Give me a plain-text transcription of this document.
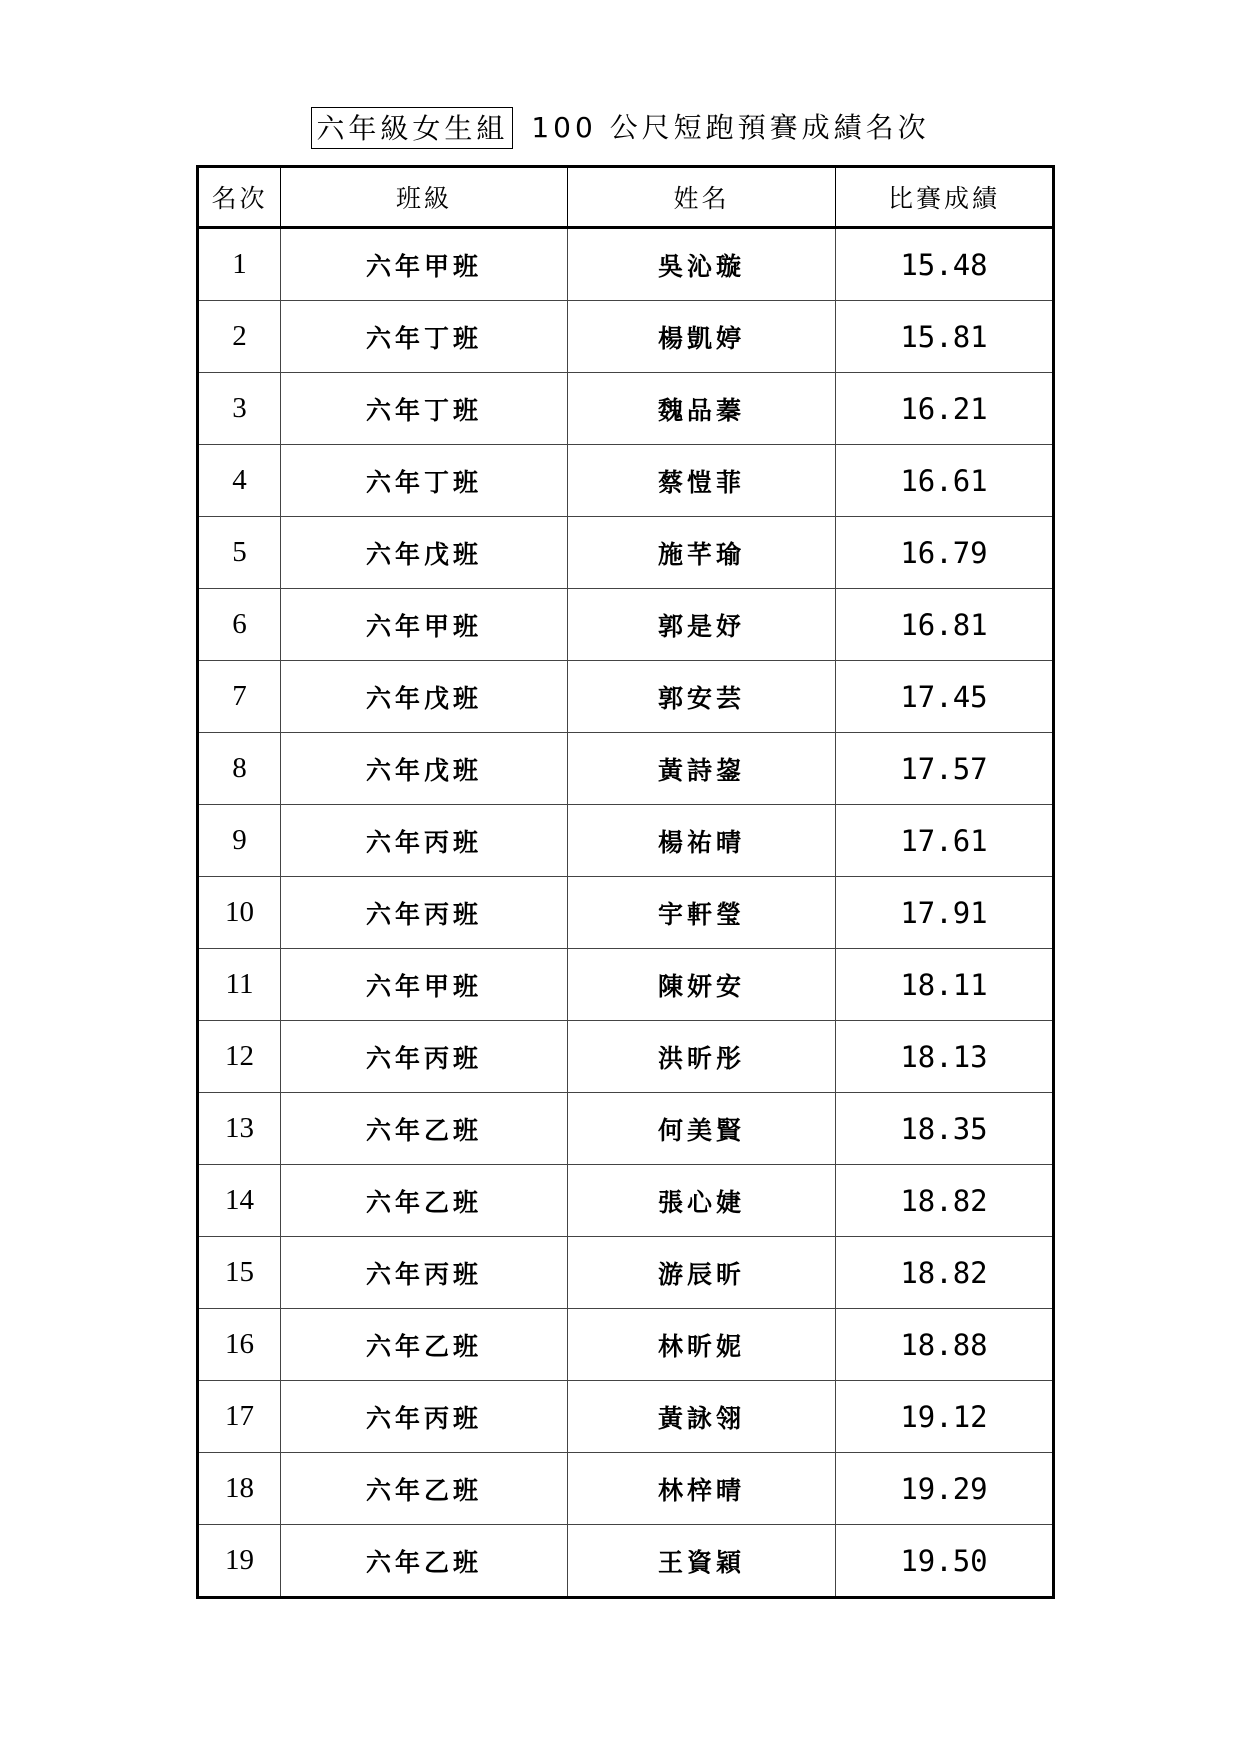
六年級女生組 100 公尺短跑預賽成績名次
名次	班級	姓名	比賽成績
1	六年甲班	吳沁璇	15.48
2	六年丁班	楊凱婷	15.81
3	六年丁班	魏品蓁	16.21
4	六年丁班	蔡愷菲	16.61
5	六年戊班	施芊瑜	16.79
6	六年甲班	郭是妤	16.81
7	六年戊班	郭安芸	17.45
8	六年戊班	黃詩鋆	17.57
9	六年丙班	楊祐晴	17.61
10	六年丙班	宇軒瑩	17.91
11	六年甲班	陳妍安	18.11
12	六年丙班	洪昕彤	18.13
13	六年乙班	何美賢	18.35
14	六年乙班	張心婕	18.82
15	六年丙班	游辰昕	18.82
16	六年乙班	林昕妮	18.88
17	六年丙班	黃詠翎	19.12
18	六年乙班	林梓晴	19.29
19	六年乙班	王資穎	19.50
